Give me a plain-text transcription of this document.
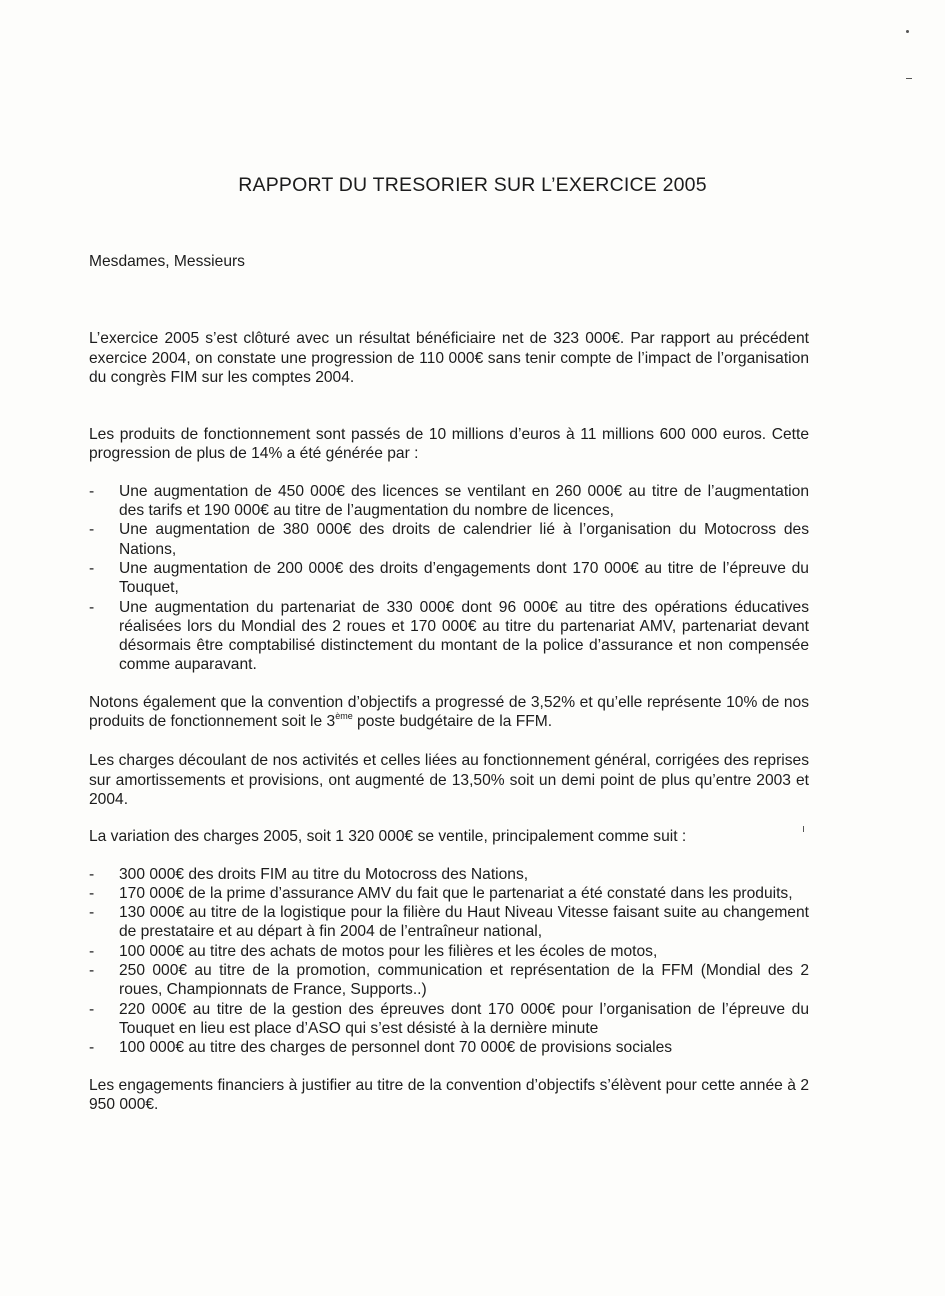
RAPPORT DU TRESORIER SUR L’EXERCICE 2005

Mesdames, Messieurs

L’exercice 2005 s’est clôturé avec un résultat bénéficiaire net de 323 000€. Par rapport au précédent exercice 2004, on constate une progression de 110 000€ sans tenir compte de l’impact de l’organisation du congrès FIM sur les comptes 2004.

Les produits de fonctionnement sont passés de 10 millions d’euros à 11 millions 600 000 euros. Cette progression de plus de 14% a été générée par :

- Une augmentation de 450 000€ des licences se ventilant en 260 000€ au titre de l’augmentation des tarifs et 190 000€ au titre de l’augmentation du nombre de licences,
- Une augmentation de 380 000€ des droits de calendrier lié à l’organisation du Motocross des Nations,
- Une augmentation de 200 000€ des droits d’engagements dont 170 000€ au titre de l’épreuve du Touquet,
- Une augmentation du partenariat de 330 000€ dont 96 000€ au titre des opérations éducatives réalisées lors du Mondial des 2 roues et 170 000€ au titre du partenariat AMV, partenariat devant désormais être comptabilisé distinctement du montant de la police d’assurance et non compensée comme auparavant.

Notons également que la convention d’objectifs a progressé de 3,52% et qu’elle représente 10% de nos produits de fonctionnement soit le 3ème poste budgétaire de la FFM.

Les charges découlant de nos activités et celles liées au fonctionnement général, corrigées des reprises sur amortissements et provisions, ont augmenté de 13,50% soit un demi point de plus qu’entre 2003 et 2004.

La variation des charges 2005, soit 1 320 000€ se ventile, principalement comme suit :

- 300 000€ des droits FIM au titre du Motocross des Nations,
- 170 000€ de la prime d’assurance AMV du fait que le partenariat a été constaté dans les produits,
- 130 000€ au titre de la logistique pour la filière du Haut Niveau Vitesse faisant suite au changement de prestataire et au départ à fin 2004 de l’entraîneur national,
- 100 000€ au titre des achats de motos pour les filières et les écoles de motos,
- 250 000€ au titre de la promotion, communication et représentation de la FFM (Mondial des 2 roues, Championnats de France, Supports..)
- 220 000€ au titre de la gestion des épreuves dont 170 000€ pour l’organisation de l’épreuve du Touquet en lieu est place d’ASO qui s’est désisté à la dernière minute
- 100 000€ au titre des charges de personnel dont 70 000€ de provisions sociales

Les engagements financiers à justifier au titre de la convention d’objectifs s’élèvent pour cette année à 2 950 000€.
